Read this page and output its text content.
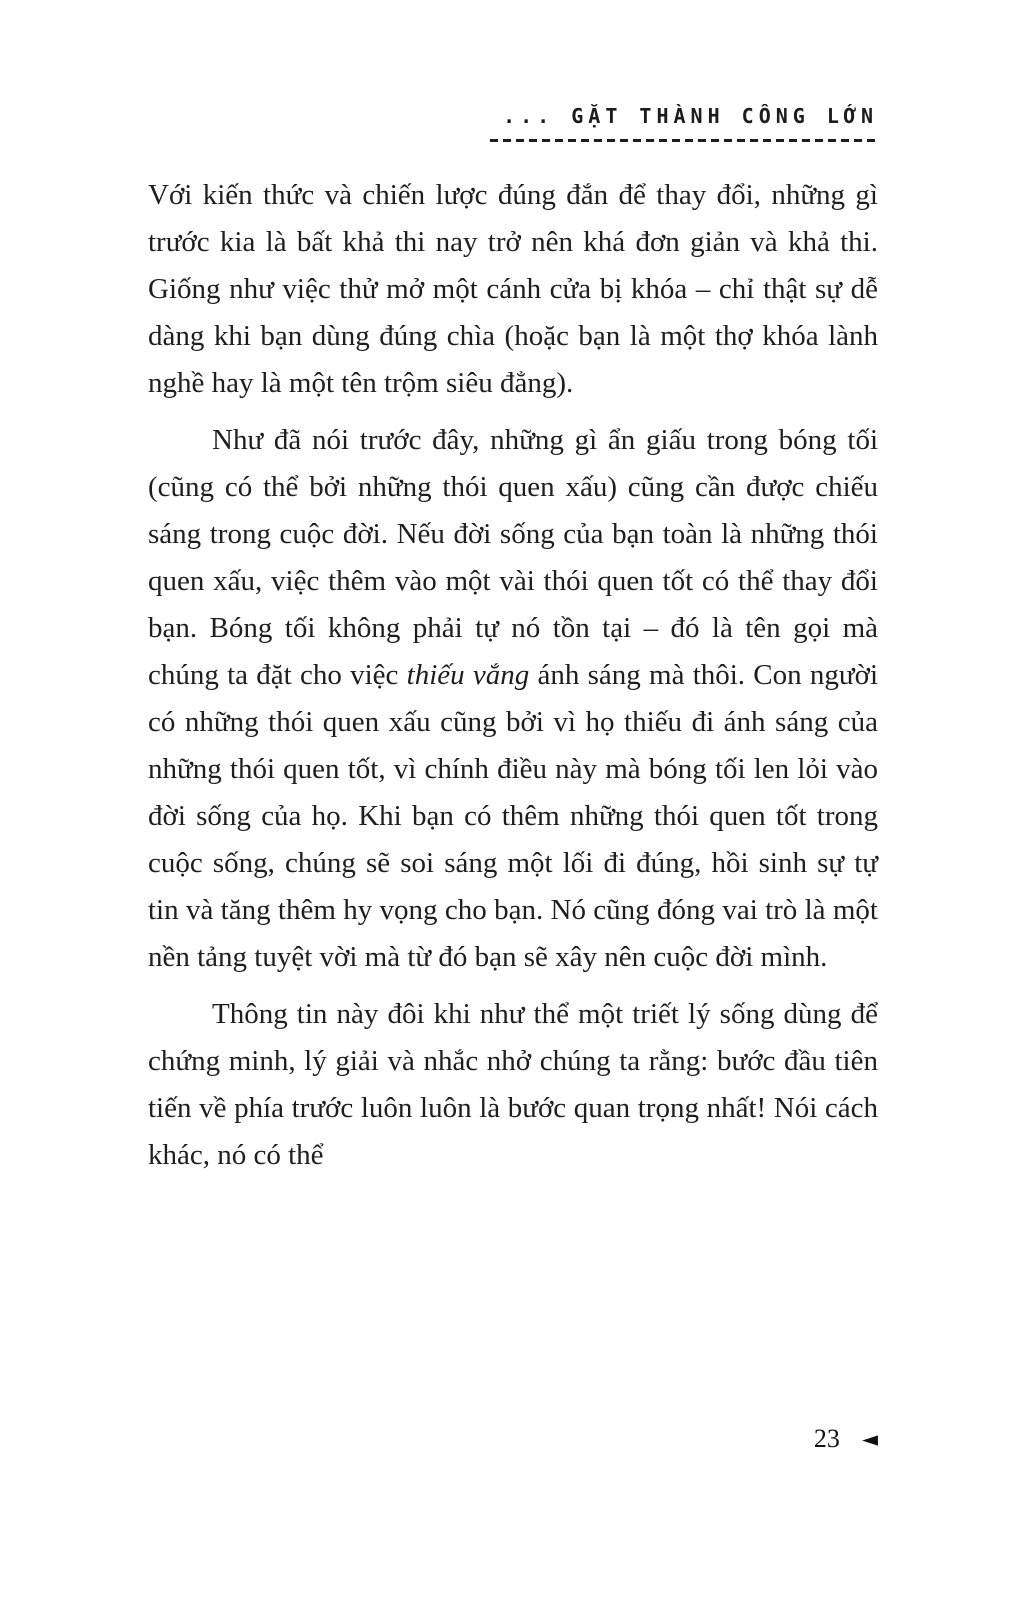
... GẶT THÀNH CÔNG LỚN

Với kiến thức và chiến lược đúng đắn để thay đổi, những gì trước kia là bất khả thi nay trở nên khá đơn giản và khả thi. Giống như việc thử mở một cánh cửa bị khóa – chỉ thật sự dễ dàng khi bạn dùng đúng chìa (hoặc bạn là một thợ khóa lành nghề hay là một tên trộm siêu đẳng).

Như đã nói trước đây, những gì ẩn giấu trong bóng tối (cũng có thể bởi những thói quen xấu) cũng cần được chiếu sáng trong cuộc đời. Nếu đời sống của bạn toàn là những thói quen xấu, việc thêm vào một vài thói quen tốt có thể thay đổi bạn. Bóng tối không phải tự nó tồn tại – đó là tên gọi mà chúng ta đặt cho việc thiếu vắng ánh sáng mà thôi. Con người có những thói quen xấu cũng bởi vì họ thiếu đi ánh sáng của những thói quen tốt, vì chính điều này mà bóng tối len lỏi vào đời sống của họ. Khi bạn có thêm những thói quen tốt trong cuộc sống, chúng sẽ soi sáng một lối đi đúng, hồi sinh sự tự tin và tăng thêm hy vọng cho bạn. Nó cũng đóng vai trò là một nền tảng tuyệt vời mà từ đó bạn sẽ xây nên cuộc đời mình.

Thông tin này đôi khi như thể một triết lý sống dùng để chứng minh, lý giải và nhắc nhở chúng ta rằng: bước đầu tiên tiến về phía trước luôn luôn là bước quan trọng nhất! Nói cách khác, nó có thể

23 ◄
